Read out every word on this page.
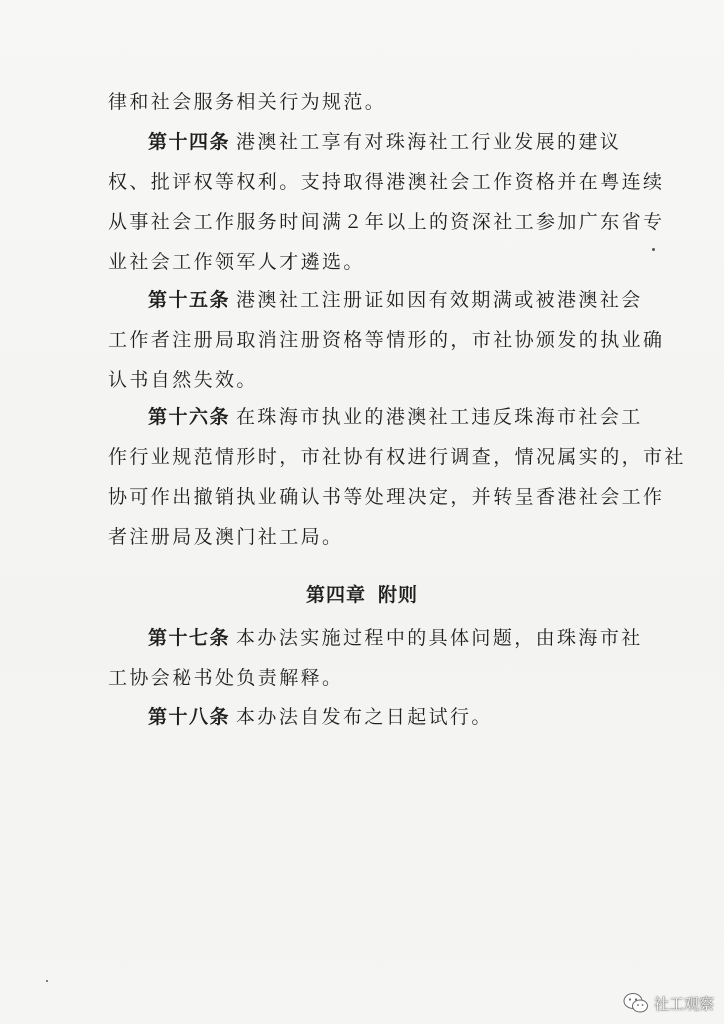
律和社会服务相关行为规范。
第十四条 港澳社工享有对珠海社工行业发展的建议
权、批评权等权利。支持取得港澳社会工作资格并在粤连续
从事社会工作服务时间满２年以上的资深社工参加广东省专
业社会工作领军人才遴选。
第十五条 港澳社工注册证如因有效期满或被港澳社会
工作者注册局取消注册资格等情形的，市社协颁发的执业确
认书自然失效。
第十六条 在珠海市执业的港澳社工违反珠海市社会工
作行业规范情形时，市社协有权进行调查，情况属实的，市社
协可作出撤销执业确认书等处理决定，并转呈香港社会工作
者注册局及澳门社工局。
第四章 附则
第十七条 本办法实施过程中的具体问题，由珠海市社
工协会秘书处负责解释。
第十八条 本办法自发布之日起试行。
社工观察
